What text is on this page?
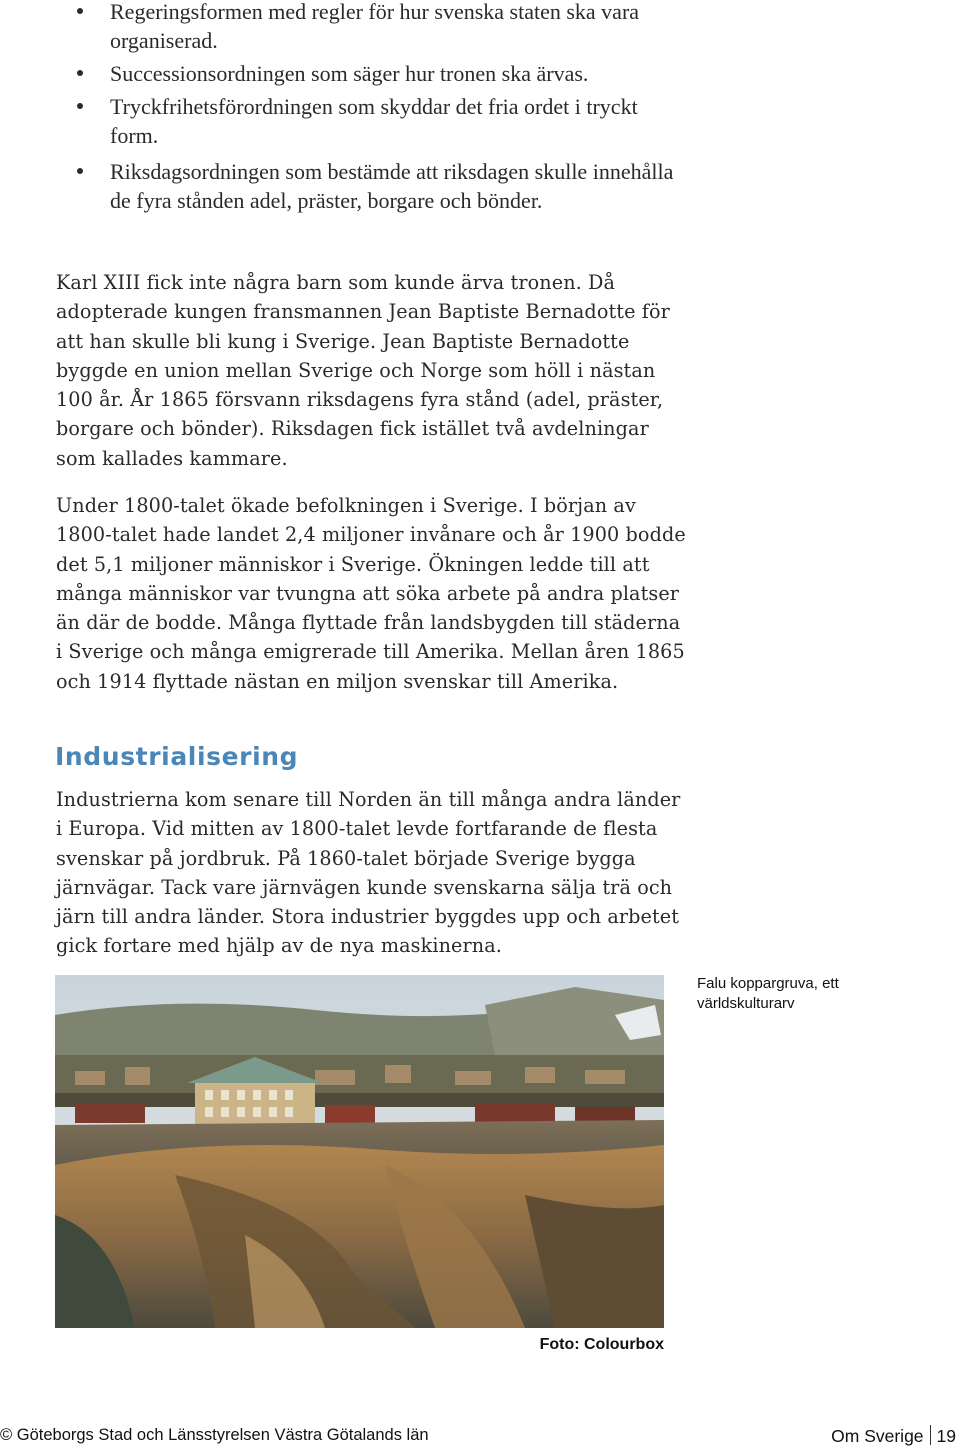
Regeringsformen med regler för hur svenska staten ska vara organiserad.
Successionsordningen som säger hur tronen ska ärvas.
Tryckfrihetsförordningen som skyddar det fria ordet i tryckt form.
Riksdagsordningen som bestämde att riksdagen skulle innehålla de fyra stånden adel, präster, borgare och bönder.

Karl XIII fick inte några barn som kunde ärva tronen. Då adopterade kungen fransmannen Jean Baptiste Bernadotte för att han skulle bli kung i Sverige. Jean Baptiste Bernadotte byggde en union mellan Sverige och Norge som höll i nästan 100 år. År 1865 försvann riksdagens fyra stånd (adel, präster, borgare och bönder). Riksdagen fick istället två avdelningar som kallades kammare.

Under 1800-talet ökade befolkningen i Sverige. I början av 1800-talet hade landet 2,4 miljoner invånare och år 1900 bodde det 5,1 miljoner människor i Sverige. Ökningen ledde till att många människor var tvungna att söka arbete på andra platser än där de bodde. Många flyttade från landsbygden till städerna i Sverige och många emigrerade till Amerika. Mellan åren 1865 och 1914 flyttade nästan en miljon svenskar till Amerika.

Industrialisering

Industrierna kom senare till Norden än till många andra länder i Europa. Vid mitten av 1800-talet levde fortfarande de flesta svenskar på jordbruk. På 1860-talet började Sverige bygga järnvägar. Tack vare järnvägen kunde svenskarna sälja trä och järn till andra länder. Stora industrier byggdes upp och arbetet gick fortare med hjälp av de nya maskinerna.

Falu koppargruva, ett världskulturarv
Foto: Colourbox
© Göteborgs Stad och Länsstyrelsen Västra Götalands län	Om Sverige 19
